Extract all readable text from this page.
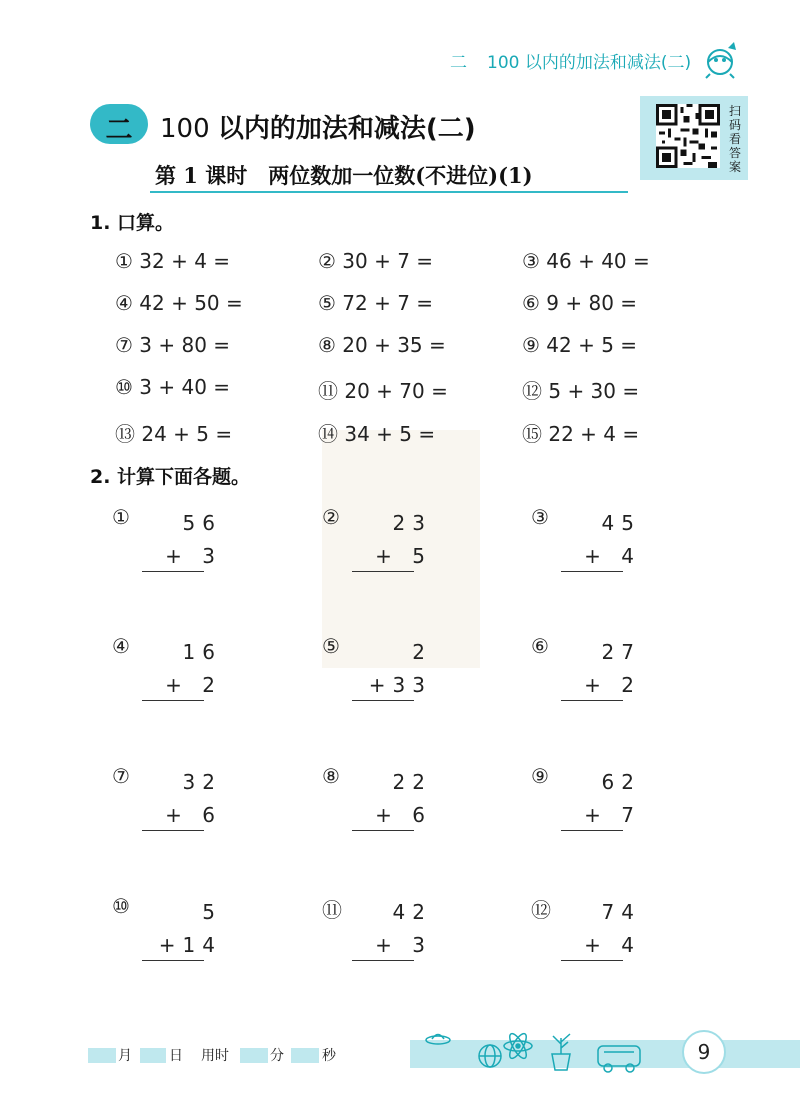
二 100 以内的加法和减法(二)
二	100 以内的加法和减法(二)
扫
码
看
答
案
第 1 课时　两位数加一位数(不进位)(1)
1. 口算。
① 32 + 4 =	② 30 + 7 =	③ 46 + 40 =
④ 42 + 50 =	⑤ 72 + 7 =	⑥ 9 + 80 =
⑦ 3 + 80 =	⑧ 20 + 35 =	⑨ 42 + 5 =
⑩ 3 + 40 =	⑪ 20 + 70 =	⑫ 5 + 30 =
⑬ 24 + 5 =	⑭ 34 + 5 =	⑮ 22 + 4 =
2. 计算下面各题。
①	56
+ 3
②	23
+ 5
③	45
+ 4
④	16
+ 2
⑤	2
+33
⑥	27
+ 2
⑦	32
+ 6
⑧	22
+ 6
⑨	62
+ 7
⑩	5
+14
⑪	42
+ 3
⑫	74
+ 4
月	日 用时	分	秒	9
